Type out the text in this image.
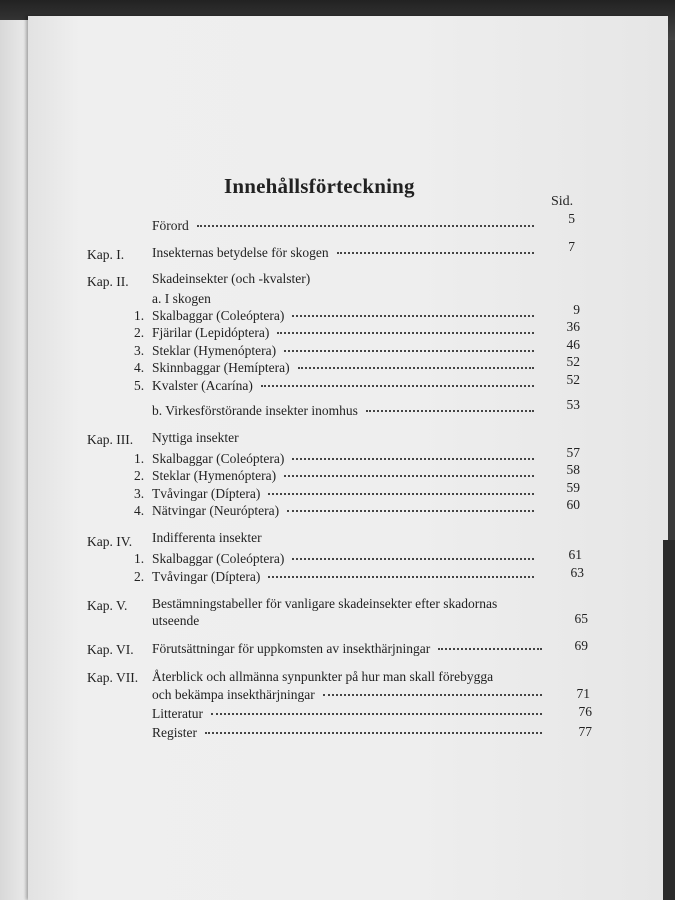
Innehållsförteckning
Sid.
Förord	5
Kap. I. Insekternas betydelse för skogen	7
Kap. II. Skadeinsekter (och -kvalster)
a. I skogen
1. Skalbaggar (Coleóptera)	9
2. Fjärilar (Lepidóptera)	36
3. Steklar (Hymenóptera)	46
4. Skinnbaggar (Hemíptera)	52
5. Kvalster (Acarína)	52
b. Virkesförstörande insekter inomhus	53
Kap. III. Nyttiga insekter
1. Skalbaggar (Coleóptera)	57
2. Steklar (Hymenóptera)	58
3. Tvåvingar (Díptera)	59
4. Nätvingar (Neuróptera)	60
Kap. IV. Indifferenta insekter
1. Skalbaggar (Coleóptera)	61
2. Tvåvingar (Díptera)	63
Kap. V. Bestämningstabeller för vanligare skadeinsekter efter skadornas
utseende	65
Kap. VI. Förutsättningar för uppkomsten av insekthärjningar	69
Kap. VII. Återblick och allmänna synpunkter på hur man skall förebygga
och bekämpa insekthärjningar	71
Litteratur	76
Register	77
